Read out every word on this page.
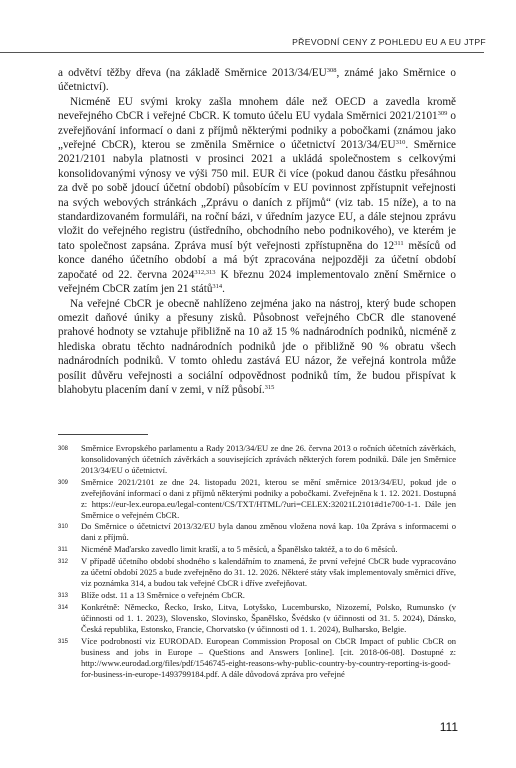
PŘEVODNÍ CENY Z POHLEDU EU A EU JTPF

a odvětví těžby dřeva (na základě Směrnice 2013/34/EU$^{308}$, známé jako Směrnice o účetnictví).

Nicméně EU svými kroky zašla mnohem dále než OECD a zavedla kromě neveřejného CbCR i veřejné CbCR. K tomuto účelu EU vydala Směrnici 2021/2101$^{309}$ o zveřejňování informací o dani z příjmů některými podniky a pobočkami (známou jako „veřejné CbCR), kterou se změnila Směrnice o účetnictví 2013/34/EU$^{310}$. Směrnice 2021/2101 nabyla platnosti v prosinci 2021 a ukládá společnostem s celkovými konsolidovanými výnosy ve výši 750 mil. EUR či více (pokud danou částku přesáhnou za dvě po sobě jdoucí účetní období) působícím v EU povinnost zpřístupnit veřejnosti na svých webových stránkách „Zprávu o daních z příjmů“ (viz tab. 15 níže), a to na standardizovaném formuláři, na roční bázi, v úředním jazyce EU, a dále stejnou zprávu vložit do veřejného registru (ústředního, obchodního nebo podnikového), ve kterém je tato společnost zapsána. Zpráva musí být veřejnosti zpřístupněna do $12^{311}$ měsíců od konce daného účetního období a má být zpracována nejpozději za účetní období započaté od 22. června 2024$^{312,313}$ K březnu 2024 implementovalo znění Směrnice o veřejném CbCR zatím jen 21 států$^{314}$.

Na veřejné CbCR je obecně nahlíženo zejména jako na nástroj, který bude schopen omezit daňové úniky a přesuny zisků. Působnost veřejného CbCR dle stanovené prahové hodnoty se vztahuje přibližně na 10 až 15 % nadnárodních podniků, nicméně z hlediska obratu těchto nadnárodních podniků jde o přibližně 90 % obratu všech nadnárodních podniků. V tomto ohledu zastává EU názor, že veřejná kontrola může posílit důvěru veřejnosti a sociální odpovědnost podniků tím, že budou přispívat k blahobytu placením daní v zemi, v níž působí.$^{315}$

308	Směrnice Evropského parlamentu a Rady 2013/34/EU ze dne 26. června 2013 o ročních účetních závěrkách, konsolidovaných účetních závěrkách a souvisejících zprávách některých forem podniků. Dále jen Směrnice 2013/34/EU o účetnictví.
309	Směrnice 2021/2101 ze dne 24. listopadu 2021, kterou se mění směrnice 2013/34/EU, pokud jde o zveřejňování informací o dani z příjmů některými podniky a pobočkami. Zveřejněna k 1. 12. 2021. Dostupná z: https://eur-lex.europa.eu/legal-content/CS/TXT/HTML/?uri=CELEX:32021L2101#d1e700-1-1. Dále jen Směrnice o veřejném CbCR.
310	Do Směrnice o účetnictví 2013/32/EU byla danou změnou vložena nová kap. 10a Zpráva s informacemi o dani z příjmů.
311	Nicméně Maďarsko zavedlo limit kratší, a to 5 měsíců, a Španělsko taktéž, a to do 6 měsíců.
312	V případě účetního období shodného s kalendářním to znamená, že první veřejné CbCR bude vypracováno za účetní období 2025 a bude zveřejněno do 31. 12. 2026. Některé státy však implementovaly směrnici dříve, viz poznámka 314, a budou tak veřejné CbCR i dříve zveřejňovat.
313	Blíže odst. 11 a 13 Směrnice o veřejném CbCR.
314	Konkrétně: Německo, Řecko, Irsko, Litva, Lotyšsko, Lucembursko, Nizozemí, Polsko, Rumunsko (v účinnosti od 1. 1. 2023), Slovensko, Slovinsko, Španělsko, Švédsko (v účinnosti od 31. 5. 2024), Dánsko, Česká republika, Estonsko, Francie, Chorvatsko (v účinnosti od 1. 1. 2024), Bulharsko, Belgie.
315	Více podrobností viz EURODAD. European Commission Proposal on CbCR Impact of public CbCR on business and jobs in Europe – QueStions and Answers [online]. [cit. 2018-06-08]. Dostupné z: http://www.eurodad.org/files/pdf/1546745-eight-reasons-why-public-country-by-country-reporting-is-good-for-business-in-europe-1493799184.pdf. A dále důvodová zpráva pro veřejné
111
